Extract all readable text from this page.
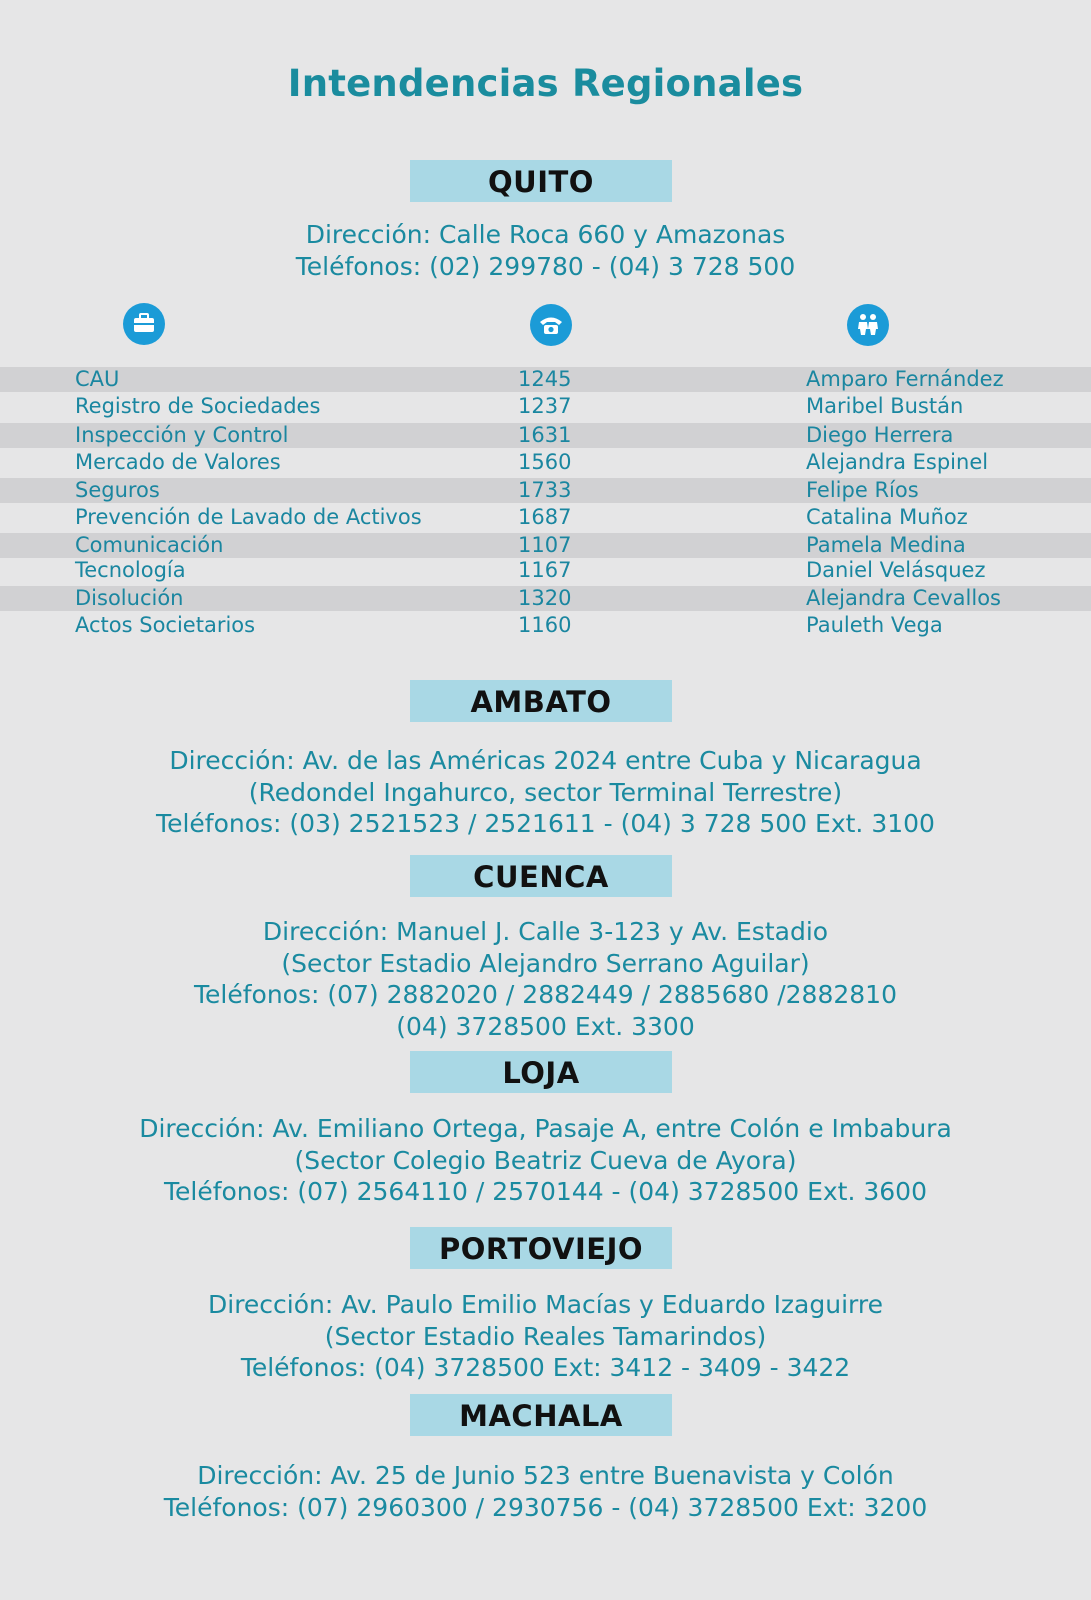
Intendencias Regionales
QUITO
Dirección: Calle Roca 660 y Amazonas
Teléfonos: (02) 299780 - (04) 3 728 500
CAU	1245	Amparo Fernández
Registro de Sociedades	1237	Maribel Bustán
Inspección y Control	1631	Diego Herrera
Mercado de Valores	1560	Alejandra Espinel
Seguros	1733	Felipe Ríos
Prevención de Lavado de Activos	1687	Catalina Muñoz
Comunicación	1107	Pamela Medina
Tecnología	1167	Daniel Velásquez
Disolución	1320	Alejandra Cevallos
Actos Societarios	1160	Pauleth Vega
AMBATO
Dirección: Av. de las Américas 2024 entre Cuba y Nicaragua
(Redondel Ingahurco, sector Terminal Terrestre)
Teléfonos: (03) 2521523 / 2521611 - (04) 3 728 500 Ext. 3100
CUENCA
Dirección: Manuel J. Calle 3-123 y Av. Estadio
(Sector Estadio Alejandro Serrano Aguilar)
Teléfonos: (07) 2882020 / 2882449 / 2885680 /2882810
(04) 3728500 Ext. 3300
LOJA
Dirección: Av. Emiliano Ortega, Pasaje A, entre Colón e Imbabura
(Sector Colegio Beatriz Cueva de Ayora)
Teléfonos: (07) 2564110 / 2570144 - (04) 3728500 Ext. 3600
PORTOVIEJO
Dirección: Av. Paulo Emilio Macías y Eduardo Izaguirre
(Sector Estadio Reales Tamarindos)
Teléfonos: (04) 3728500 Ext: 3412 - 3409 - 3422
MACHALA
Dirección: Av. 25 de Junio 523 entre Buenavista y Colón
Teléfonos: (07) 2960300 / 2930756 - (04) 3728500 Ext: 3200
